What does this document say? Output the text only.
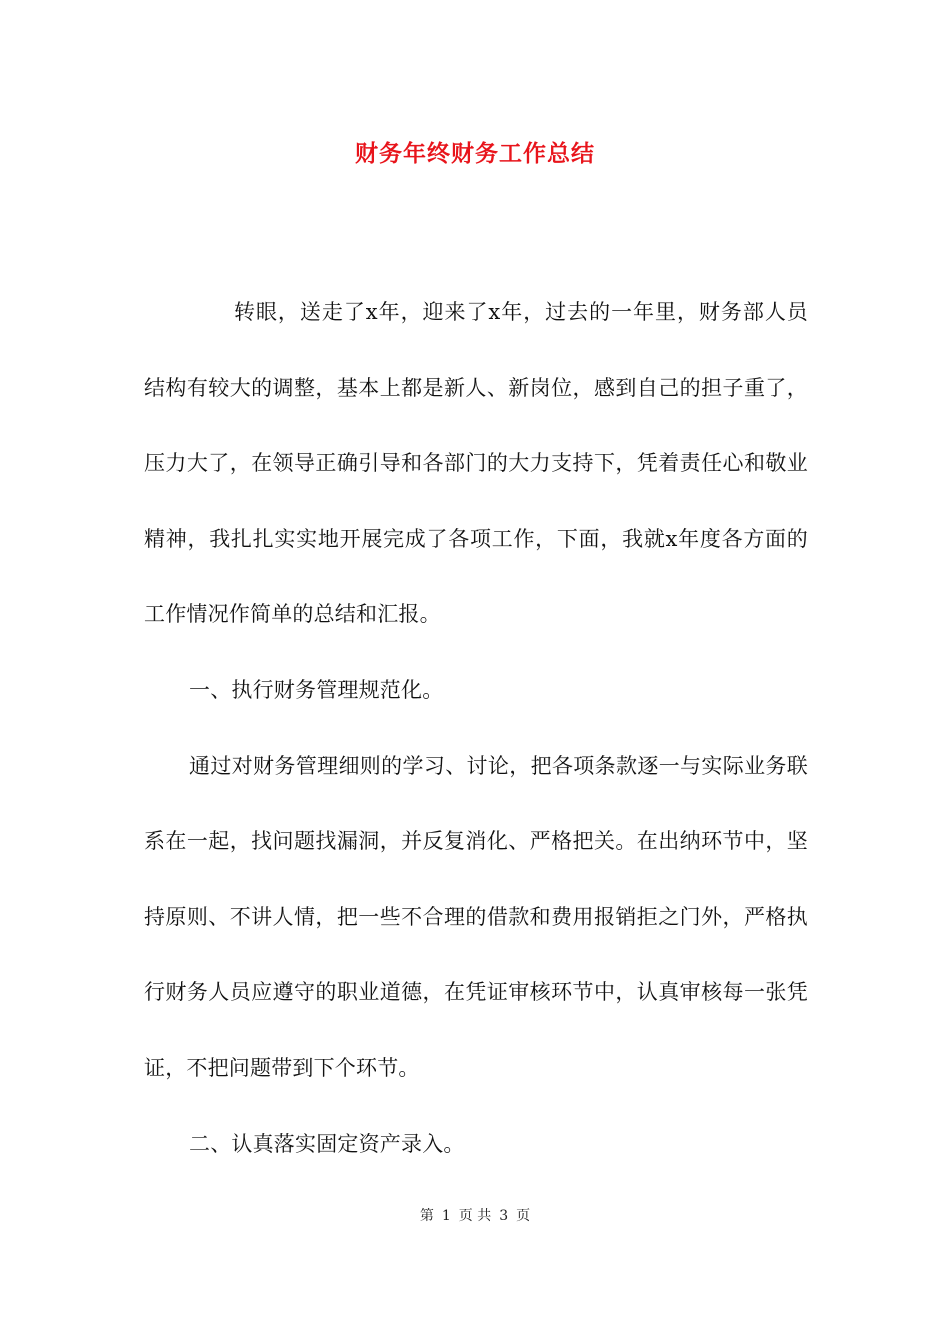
财务年终财务工作总结

转眼，送走了x年，迎来了x年，过去的一年里，财务部人员结构有较大的调整，基本上都是新人、新岗位，感到自己的担子重了，压力大了，在领导正确引导和各部门的大力支持下，凭着责任心和敬业精神，我扎扎实实地开展完成了各项工作，下面，我就x年度各方面的工作情况作简单的总结和汇报。

一、执行财务管理规范化。

通过对财务管理细则的学习、讨论，把各项条款逐一与实际业务联系在一起，找问题找漏洞，并反复消化、严格把关。在出纳环节中，坚持原则、不讲人情，把一些不合理的借款和费用报销拒之门外，严格执行财务人员应遵守的职业道德，在凭证审核环节中，认真审核每一张凭证，不把问题带到下个环节。

二、认真落实固定资产录入。

第 1 页 共 3 页
